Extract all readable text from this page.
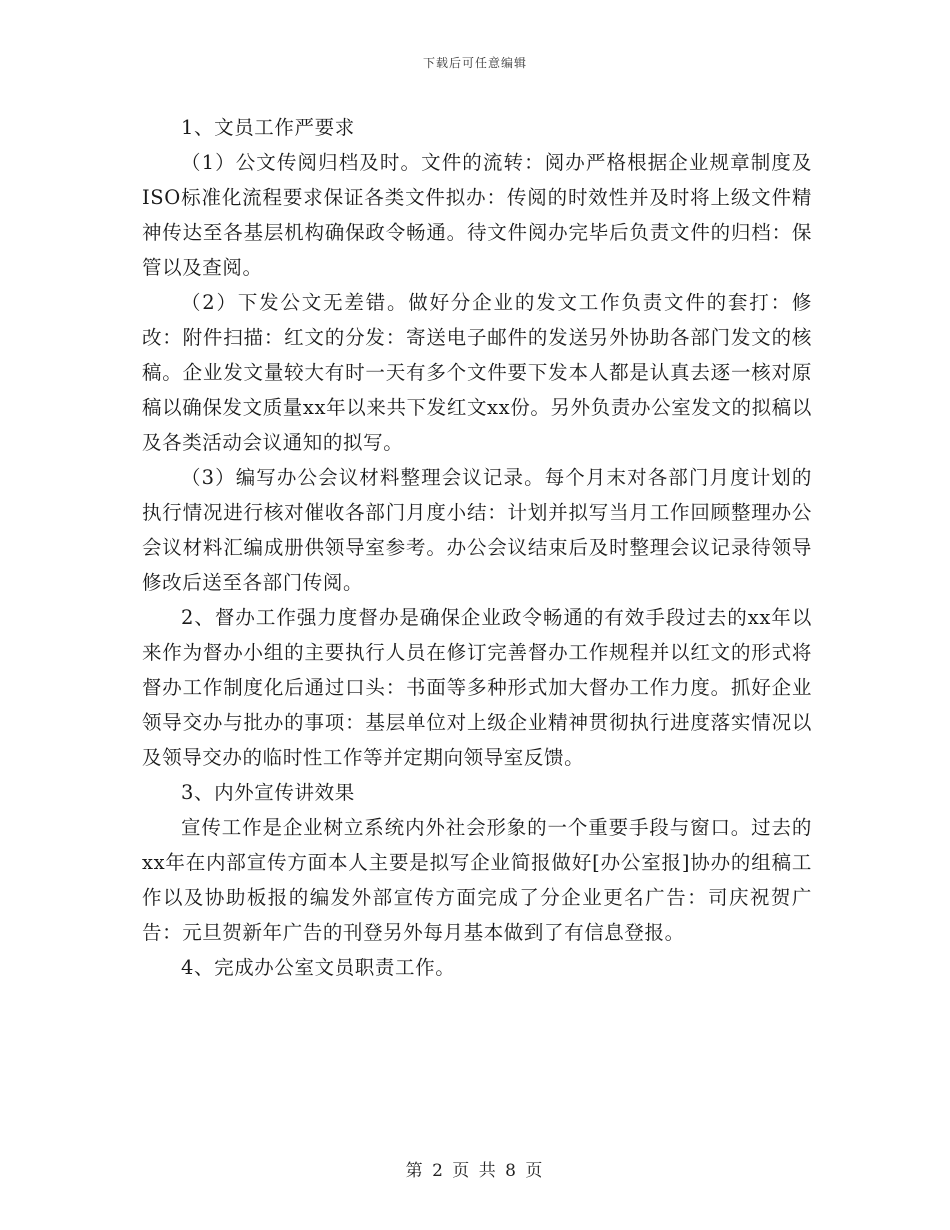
下载后可任意编辑

1、文员工作严要求

（1）公文传阅归档及时。文件的流转：阅办严格根据企业规章制度及ISO标准化流程要求保证各类文件拟办：传阅的时效性并及时将上级文件精神传达至各基层机构确保政令畅通。待文件阅办完毕后负责文件的归档：保管以及查阅。

（2）下发公文无差错。做好分企业的发文工作负责文件的套打：修改：附件扫描：红文的分发：寄送电子邮件的发送另外协助各部门发文的核稿。企业发文量较大有时一天有多个文件要下发本人都是认真去逐一核对原稿以确保发文质量xx年以来共下发红文xx份。另外负责办公室发文的拟稿以及各类活动会议通知的拟写。

（3）编写办公会议材料整理会议记录。每个月末对各部门月度计划的执行情况进行核对催收各部门月度小结：计划并拟写当月工作回顾整理办公会议材料汇编成册供领导室参考。办公会议结束后及时整理会议记录待领导修改后送至各部门传阅。

2、督办工作强力度督办是确保企业政令畅通的有效手段过去的xx年以来作为督办小组的主要执行人员在修订完善督办工作规程并以红文的形式将督办工作制度化后通过口头：书面等多种形式加大督办工作力度。抓好企业领导交办与批办的事项：基层单位对上级企业精神贯彻执行进度落实情况以及领导交办的临时性工作等并定期向领导室反馈。

3、内外宣传讲效果

宣传工作是企业树立系统内外社会形象的一个重要手段与窗口。过去的xx年在内部宣传方面本人主要是拟写企业简报做好[办公室报]协办的组稿工作以及协助板报的编发外部宣传方面完成了分企业更名广告：司庆祝贺广告：元旦贺新年广告的刊登另外每月基本做到了有信息登报。

4、完成办公室文员职责工作。

第 2 页 共 8 页
